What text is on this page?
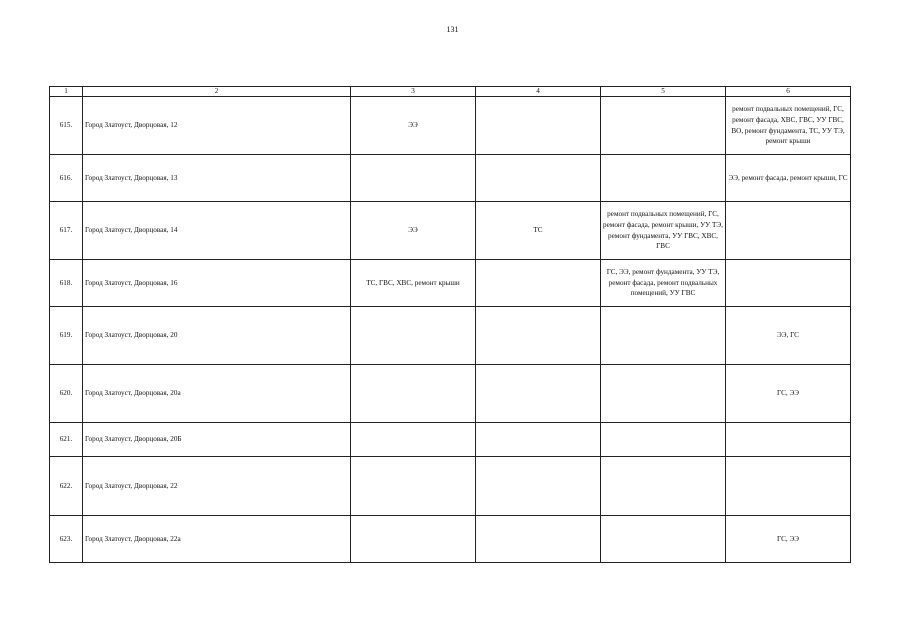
131
1	2	3	4	5	6
615.	Город Златоуст, Дворцовая, 12	ЭЭ			ремонт подвальных помещений, ГС, ремонт фасада, ХВС, ГВС, УУ ГВС, ВО, ремонт фундамента, ТС, УУ ТЭ, ремонт крыши
616.	Город Златоуст, Дворцовая, 13				ЭЭ, ремонт фасада, ремонт крыши, ГС
617.	Город Златоуст, Дворцовая, 14	ЭЭ	ТС	ремонт подвальных помещений, ГС, ремонт фасада, ремонт крыши, УУ ТЭ, ремонт фундамента, УУ ГВС, ХВС, ГВС	
618.	Город Златоуст, Дворцовая, 16	ТС, ГВС, ХВС, ремонт крыши		ГС, ЭЭ, ремонт фундамента, УУ ТЭ, ремонт фасада, ремонт подвальных помещений, УУ ГВС	
619.	Город Златоуст, Дворцовая, 20				ЭЭ, ГС
620.	Город Златоуст, Дворцовая, 20а				ГС, ЭЭ
621.	Город Златоуст, Дворцовая, 20Б				
622.	Город Златоуст, Дворцовая, 22				
623.	Город Златоуст, Дворцовая, 22а				ГС, ЭЭ
